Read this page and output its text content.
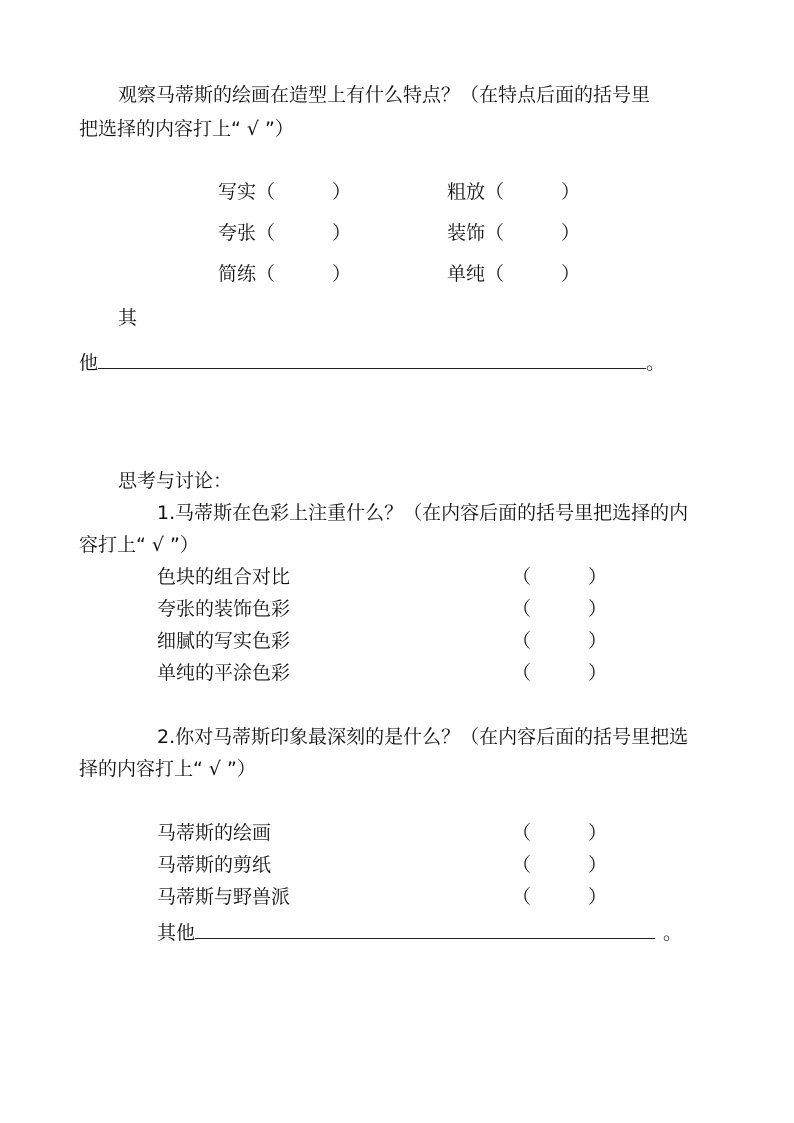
观察马蒂斯的绘画在造型上有什么特点？（在特点后面的括号里
把选择的内容打上“ √ ”）
写实（　　　）	粗放（　　　）
夸张（　　　）	装饰（　　　）
简练（　　　）	单纯（　　　）
其
他	。
思考与讨论：
1.马蒂斯在色彩上注重什么？（在内容后面的括号里把选择的内
容打上“ √ ”）
色块的组合对比	（　　　）
夸张的装饰色彩	（　　　）
细腻的写实色彩	（　　　）
单纯的平涂色彩	（　　　）
2.你对马蒂斯印象最深刻的是什么？（在内容后面的括号里把选
择的内容打上“ √ ”）
马蒂斯的绘画	（　　　）
马蒂斯的剪纸	（　　　）
马蒂斯与野兽派	（　　　）
其他	。
